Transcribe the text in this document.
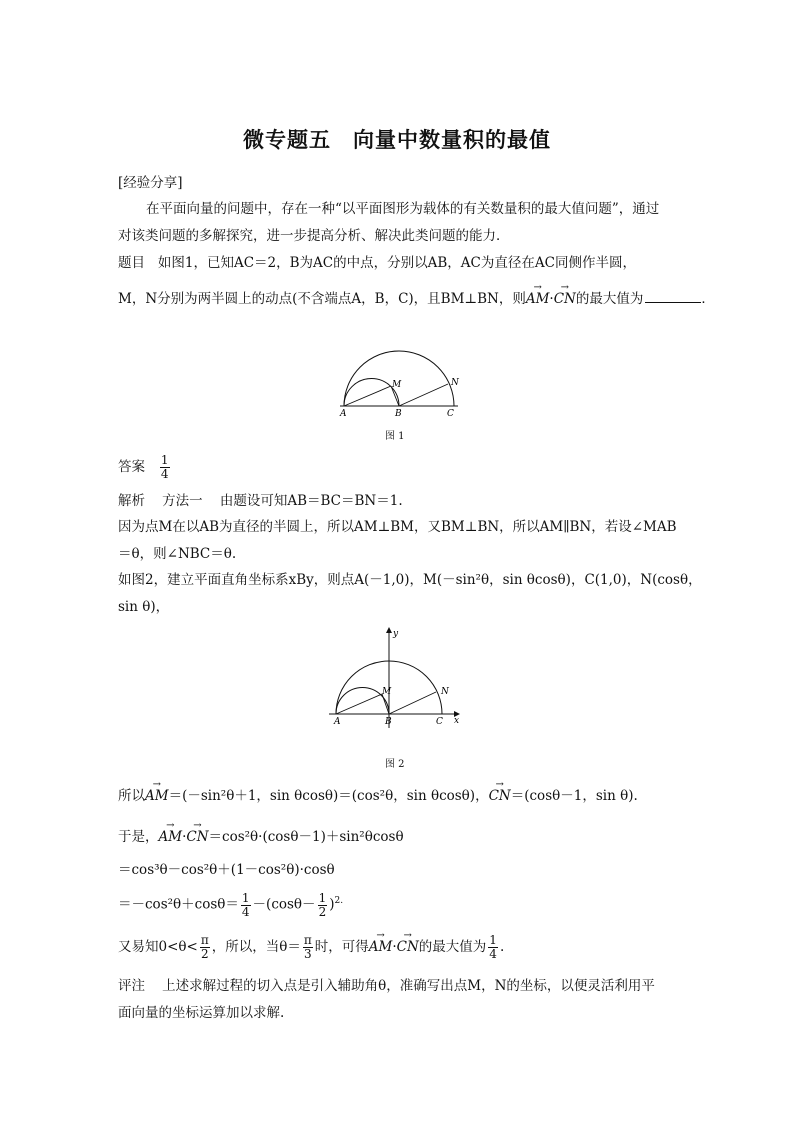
微专题五　向量中数量积的最值
[经验分享]
在平面向量的问题中，存在一种“以平面图形为载体的有关数量积的最大值问题”，通过
对该类问题的多解探究，进一步提高分析、解决此类问题的能力．
题目 如图1，已知AC＝2，B为AC的中点，分别以AB，AC为直径在AC同侧作半圆，
M，N分别为两半圆上的动点(不含端点A，B，C)，且BM⊥BN，则→ AM·→ CN的最大值为	．
A	B	C
M	N
图 1
答案 $\frac{1}{4}$
解析 方法一 由题设可知AB＝BC＝BN＝1.
因为点M在以AB为直径的半圆上，所以AM⊥BM，又BM⊥BN，所以AM∥BN，若设∠MAB
＝θ，则∠NBC＝θ.
如图2，建立平面直角坐标系xBy，则点A(－1,0)，M(－sin²θ，sin θcosθ)，C(1,0)，N(cosθ，
sin θ)，
A	B	C
M	N
x
y
图 2
所以→ AM＝(－sin²θ＋1，sin θcosθ)＝(cos²θ，sin θcosθ)，→ CN＝(cosθ－1，sin θ).
于是，→ AM·→ CN＝cos²θ·(cosθ－1)＋sin²θcosθ
＝cos³θ－cos²θ＋(1－cos²θ)·cosθ
$=-\cos^2\theta+\cos\theta= \frac{1}{4} -(\cos\theta- \frac{1}{2} )^{2.}$
又易知$0<\theta< \frac{\pi}{2}$ ，所以，当$\theta= \frac{\pi}{3}$ 时，可得→ AM·→ CN的最大值为 $\frac{1}{4}$ .
评注 上述求解过程的切入点是引入辅助角θ，准确写出点M，N的坐标，以便灵活利用平
面向量的坐标运算加以求解.
